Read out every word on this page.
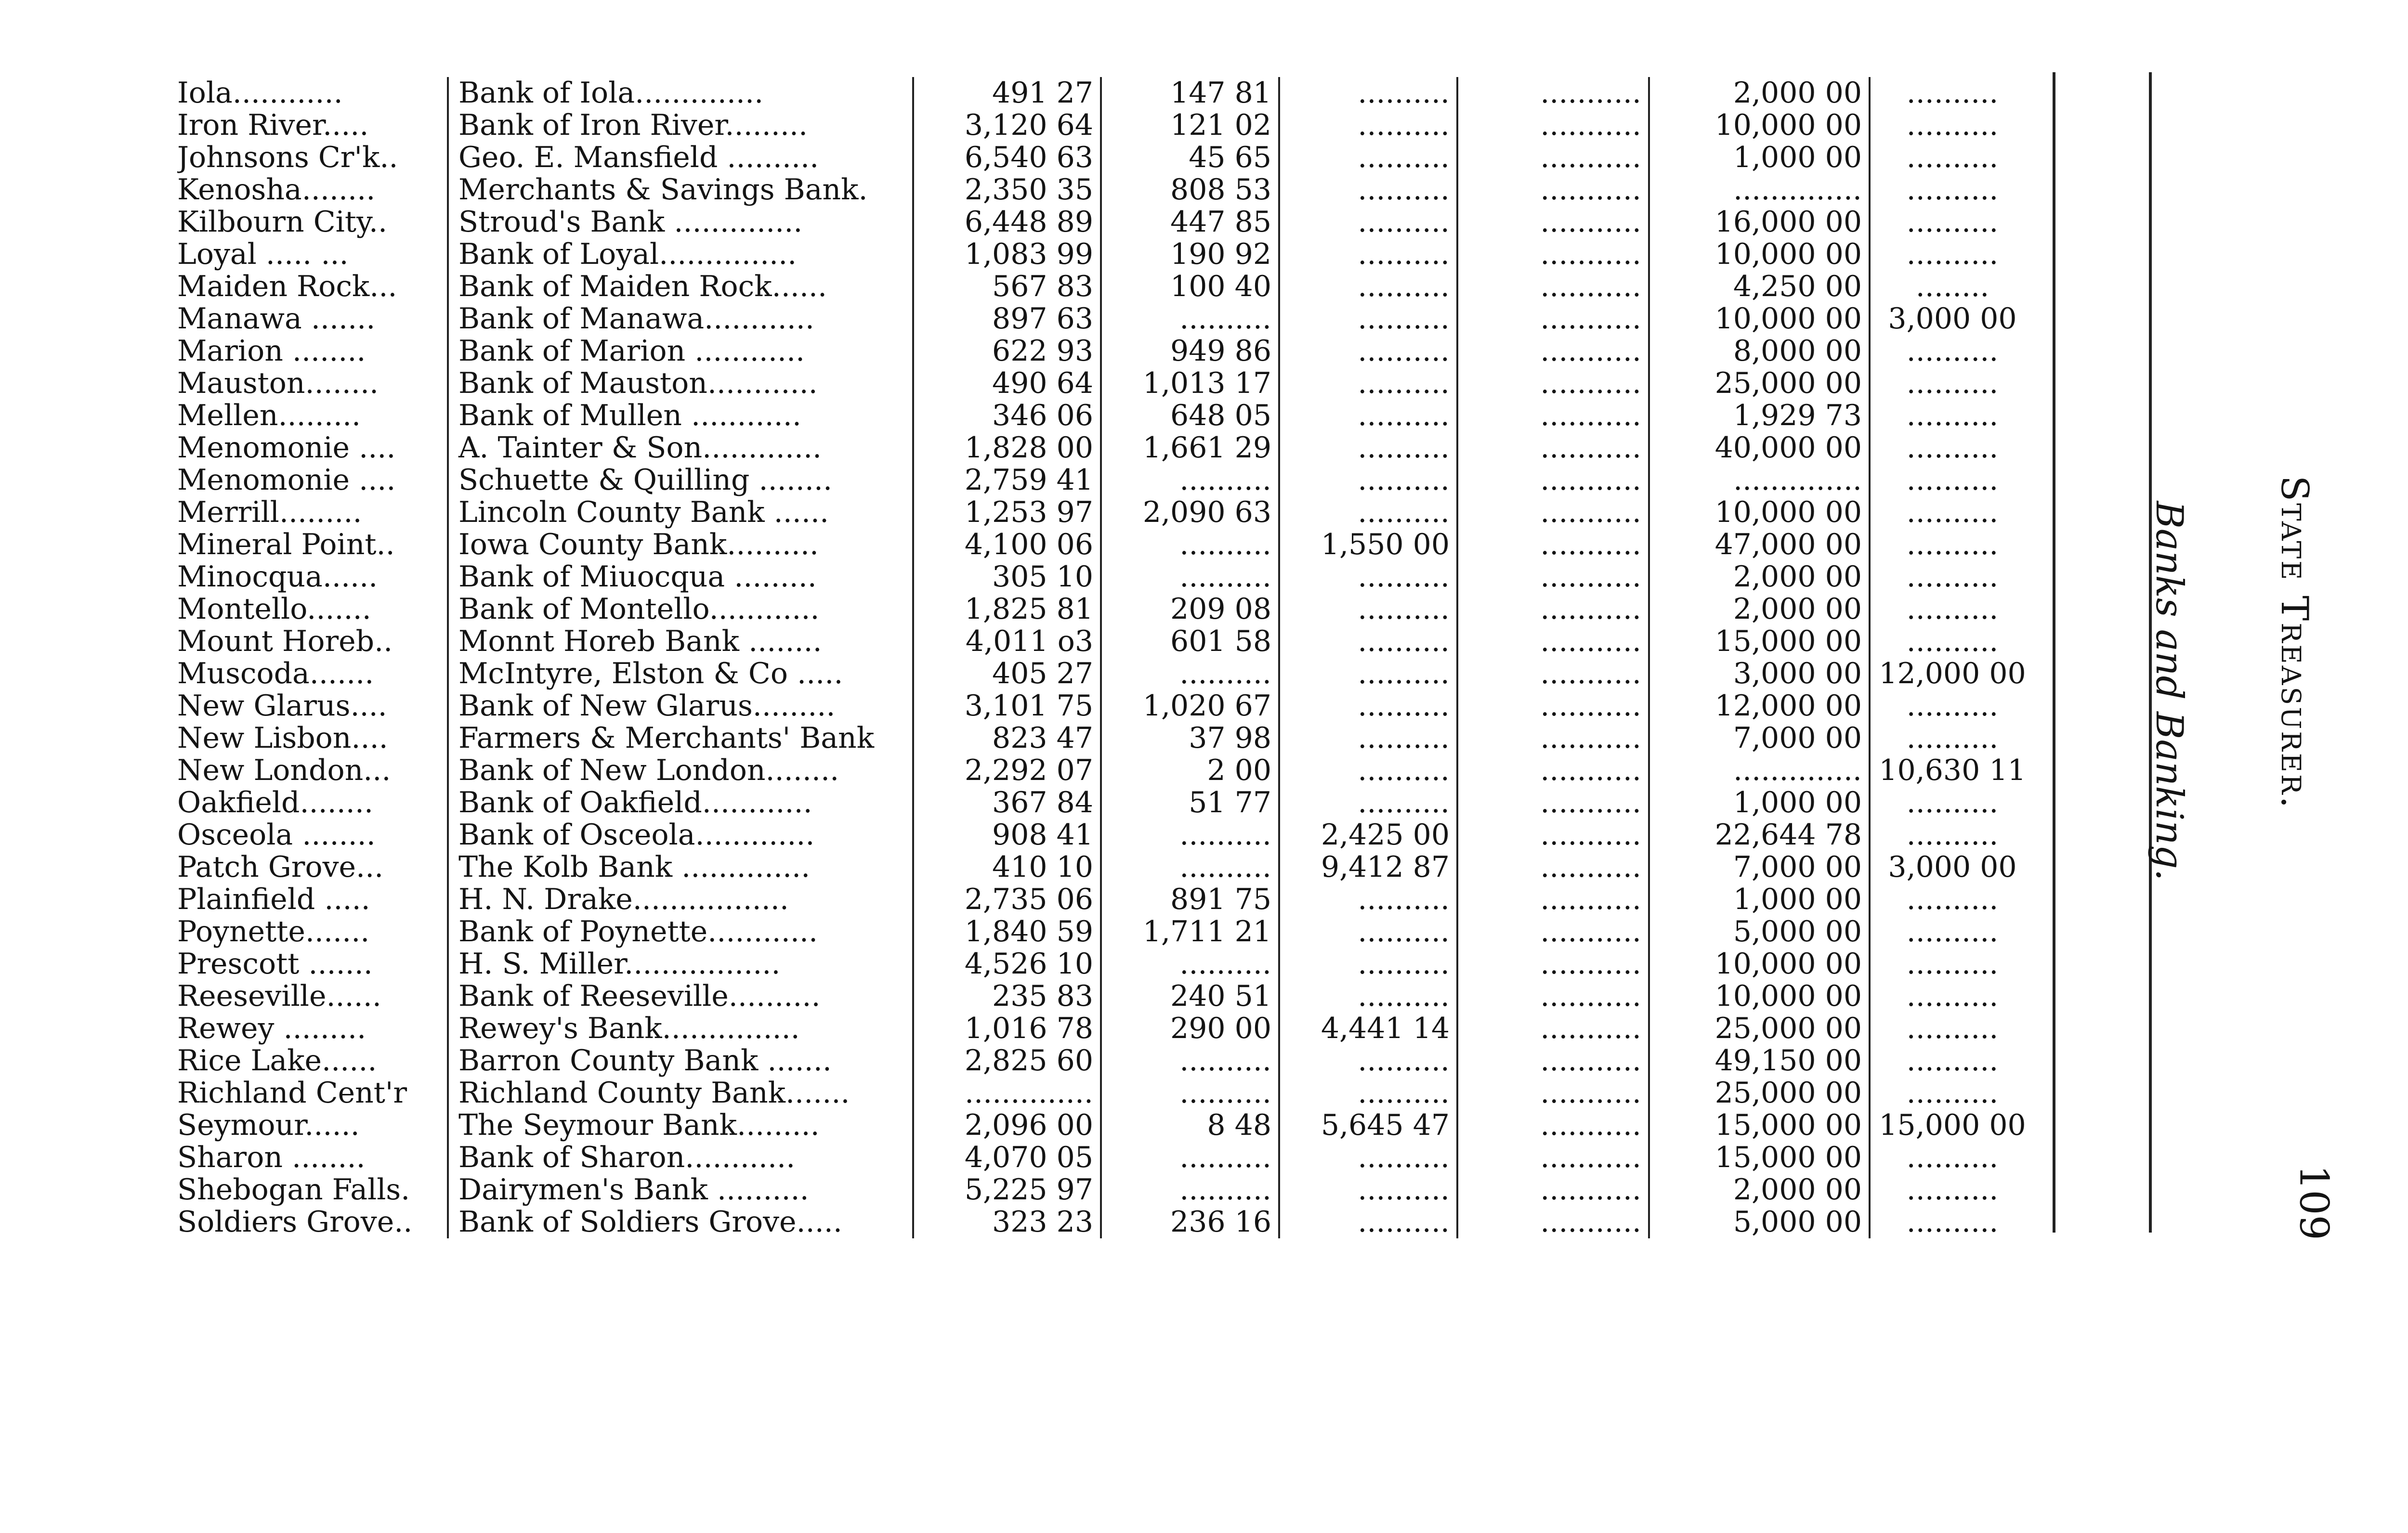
Iola............	Bank of Iola..............	491 27	147 81	..........	...........	2,000 00	..........
Iron River.....	Bank of Iron River.........	3,120 64	121 02	..........	...........	10,000 00	..........
Johnsons Cr'k..	Geo. E. Mansfield ..........	6,540 63	45 65	..........	...........	1,000 00	..........
Kenosha........	Merchants & Savings Bank.	2,350 35	808 53	..........	...........	..............	..........
Kilbourn City..	Stroud's Bank ..............	6,448 89	447 85	..........	...........	16,000 00	..........
Loyal ..... ...	Bank of Loyal...............	1,083 99	190 92	..........	...........	10,000 00	..........
Maiden Rock...	Bank of Maiden Rock......	567 83	100 40	..........	...........	4,250 00	........
Manawa .......	Bank of Manawa............	897 63	..........	..........	...........	10,000 00	3,000 00
Marion ........	Bank of Marion ............	622 93	949 86	..........	...........	8,000 00	..........
Mauston........	Bank of Mauston............	490 64	1,013 17	..........	...........	25,000 00	..........
Mellen.........	Bank of Mullen ............	346 06	648 05	..........	...........	1,929 73	..........
Menomonie ....	A. Tainter & Son.............	1,828 00	1,661 29	..........	...........	40,000 00	..........
Menomonie ....	Schuette & Quilling ........	2,759 41	..........	..........	...........	..............	..........
Merrill.........	Lincoln County Bank ......	1,253 97	2,090 63	..........	...........	10,000 00	..........
Mineral Point..	Iowa County Bank..........	4,100 06	..........	1,550 00	...........	47,000 00	..........
Minocqua......	Bank of Miuocqua .........	305 10	..........	..........	...........	2,000 00	..........
Montello.......	Bank of Montello............	1,825 81	209 08	..........	...........	2,000 00	..........
Mount Horeb..	Monnt Horeb Bank ........	4,011 o3	601 58	..........	...........	15,000 00	..........
Muscoda.......	McIntyre, Elston & Co .....	405 27	..........	..........	...........	3,000 00	12,000 00
New Glarus....	Bank of New Glarus.........	3,101 75	1,020 67	..........	...........	12,000 00	..........
New Lisbon....	Farmers & Merchants' Bank	823 47	37 98	..........	...........	7,000 00	..........
New London...	Bank of New London........	2,292 07	2 00	..........	...........	..............	10,630 11
Oakfield........	Bank of Oakfield............	367 84	51 77	..........	...........	1,000 00	..........
Osceola ........	Bank of Osceola.............	908 41	..........	2,425 00	...........	22,644 78	..........
Patch Grove...	The Kolb Bank ..............	410 10	..........	9,412 87	...........	7,000 00	3,000 00
Plainfield .....	H. N. Drake.................	2,735 06	891 75	..........	...........	1,000 00	..........
Poynette.......	Bank of Poynette............	1,840 59	1,711 21	..........	...........	5,000 00	..........
Prescott .......	H. S. Miller.................	4,526 10	..........	..........	...........	10,000 00	..........
Reeseville......	Bank of Reeseville..........	235 83	240 51	..........	...........	10,000 00	..........
Rewey .........	Rewey's Bank...............	1,016 78	290 00	4,441 14	...........	25,000 00	..........
Rice Lake......	Barron County Bank .......	2,825 60	..........	..........	...........	49,150 00	..........
Richland Cent'r	Richland County Bank.......	..............	..........	..........	...........	25,000 00	..........
Seymour......	The Seymour Bank.........	2,096 00	8 48	5,645 47	...........	15,000 00	15,000 00
Sharon ........	Bank of Sharon............	4,070 05	..........	..........	...........	15,000 00	..........
Shebogan Falls.	Dairymen's Bank ..........	5,225 97	..........	..........	...........	2,000 00	..........
Soldiers Grove..	Bank of Soldiers Grove.....	323 23	236 16	..........	...........	5,000 00	..........
Banks and Banking. State Treasurer.
109
